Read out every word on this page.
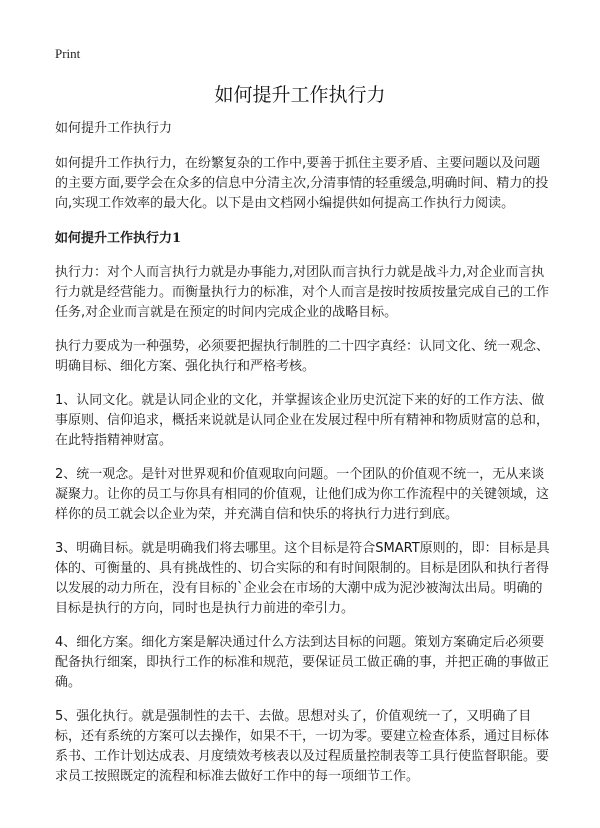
Print
如何提升工作执行力

如何提升工作执行力

如何提升工作执行力，在纷繁复杂的工作中,要善于抓住主要矛盾、主要问题以及问题的主要方面,要学会在众多的信息中分清主次,分清事情的轻重缓急,明确时间、精力的投向,实现工作效率的最大化。以下是由文档网小编提供如何提高工作执行力阅读。

如何提升工作执行力1

执行力：对个人而言执行力就是办事能力,对团队而言执行力就是战斗力,对企业而言执行力就是经营能力。而衡量执行力的标准，对个人而言是按时按质按量完成自己的工作任务,对企业而言就是在预定的时间内完成企业的战略目标。

执行力要成为一种强势，必须要把握执行制胜的二十四字真经：认同文化、统一观念、明确目标、细化方案、强化执行和严格考核。

1、认同文化。就是认同企业的文化，并掌握该企业历史沉淀下来的好的工作方法、做事原则、信仰追求，概括来说就是认同企业在发展过程中所有精神和物质财富的总和，在此特指精神财富。

2、统一观念。是针对世界观和价值观取向问题。一个团队的价值观不统一，无从来谈凝聚力。让你的员工与你具有相同的价值观，让他们成为你工作流程中的关键领域，这样你的员工就会以企业为荣，并充满自信和快乐的将执行力进行到底。

3、明确目标。就是明确我们将去哪里。这个目标是符合SMART原则的，即：目标是具体的、可衡量的、具有挑战性的、切合实际的和有时间限制的。目标是团队和执行者得以发展的动力所在，没有目标的`企业会在市场的大潮中成为泥沙被淘汰出局。明确的目标是执行的方向，同时也是执行力前进的牵引力。

4、细化方案。细化方案是解决通过什么方法到达目标的问题。策划方案确定后必须要配备执行细案，即执行工作的标准和规范，要保证员工做正确的事，并把正确的事做正确。

5、强化执行。就是强制性的去干、去做。思想对头了，价值观统一了，又明确了目标，还有系统的方案可以去操作，如果不干，一切为零。要建立检查体系，通过目标体系书、工作计划达成表、月度绩效考核表以及过程质量控制表等工具行使监督职能。要求员工按照既定的流程和标准去做好工作中的每一项细节工作。
